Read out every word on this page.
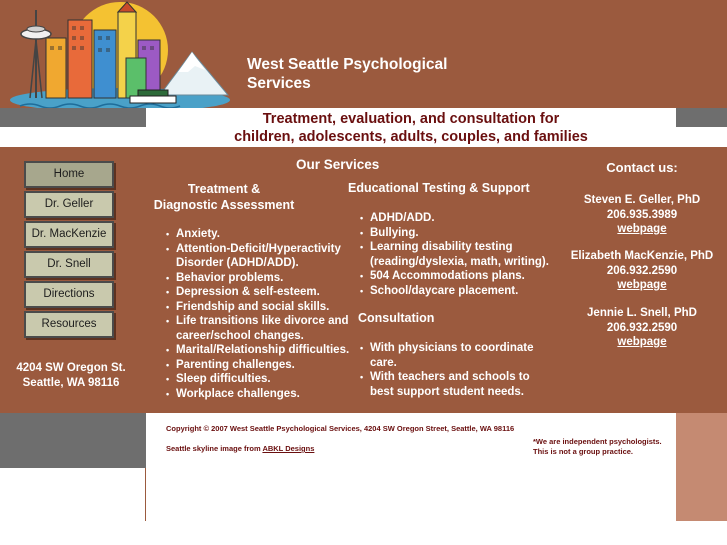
West Seattle Psychological
Services
Treatment, evaluation, and consultation for
children, adolescents, adults, couples, and families
Home
Dr. Geller
Dr. MacKenzie
Dr. Snell
Directions
Resources
4204 SW Oregon St.
Seattle, WA 98116
Our Services
Treatment &
Diagnostic Assessment
• Anxiety.
• Attention-Deficit/Hyperactivity Disorder (ADHD/ADD).
• Behavior problems.
• Depression & self-esteem.
• Friendship and social skills.
• Life transitions like divorce and career/school changes.
• Marital/Relationship difficulties.
• Parenting challenges.
• Sleep difficulties.
• Workplace challenges.
Educational Testing & Support
• ADHD/ADD.
• Bullying.
• Learning disability testing (reading/dyslexia, math, writing).
• 504 Accommodations plans.
• School/daycare placement.
Consultation
• With physicians to coordinate care.
• With teachers and schools to best support student needs.
Contact us:
Steven E. Geller, PhD
206.935.3989
webpage
Elizabeth MacKenzie, PhD
206.932.2590
webpage
Jennie L. Snell, PhD
206.932.2590
webpage
Copyright © 2007 West Seattle Psychological Services, 4204 SW Oregon Street, Seattle, WA 98116
Seattle skyline image from ABKL Designs
*We are independent psychologists.
This is not a group practice.
